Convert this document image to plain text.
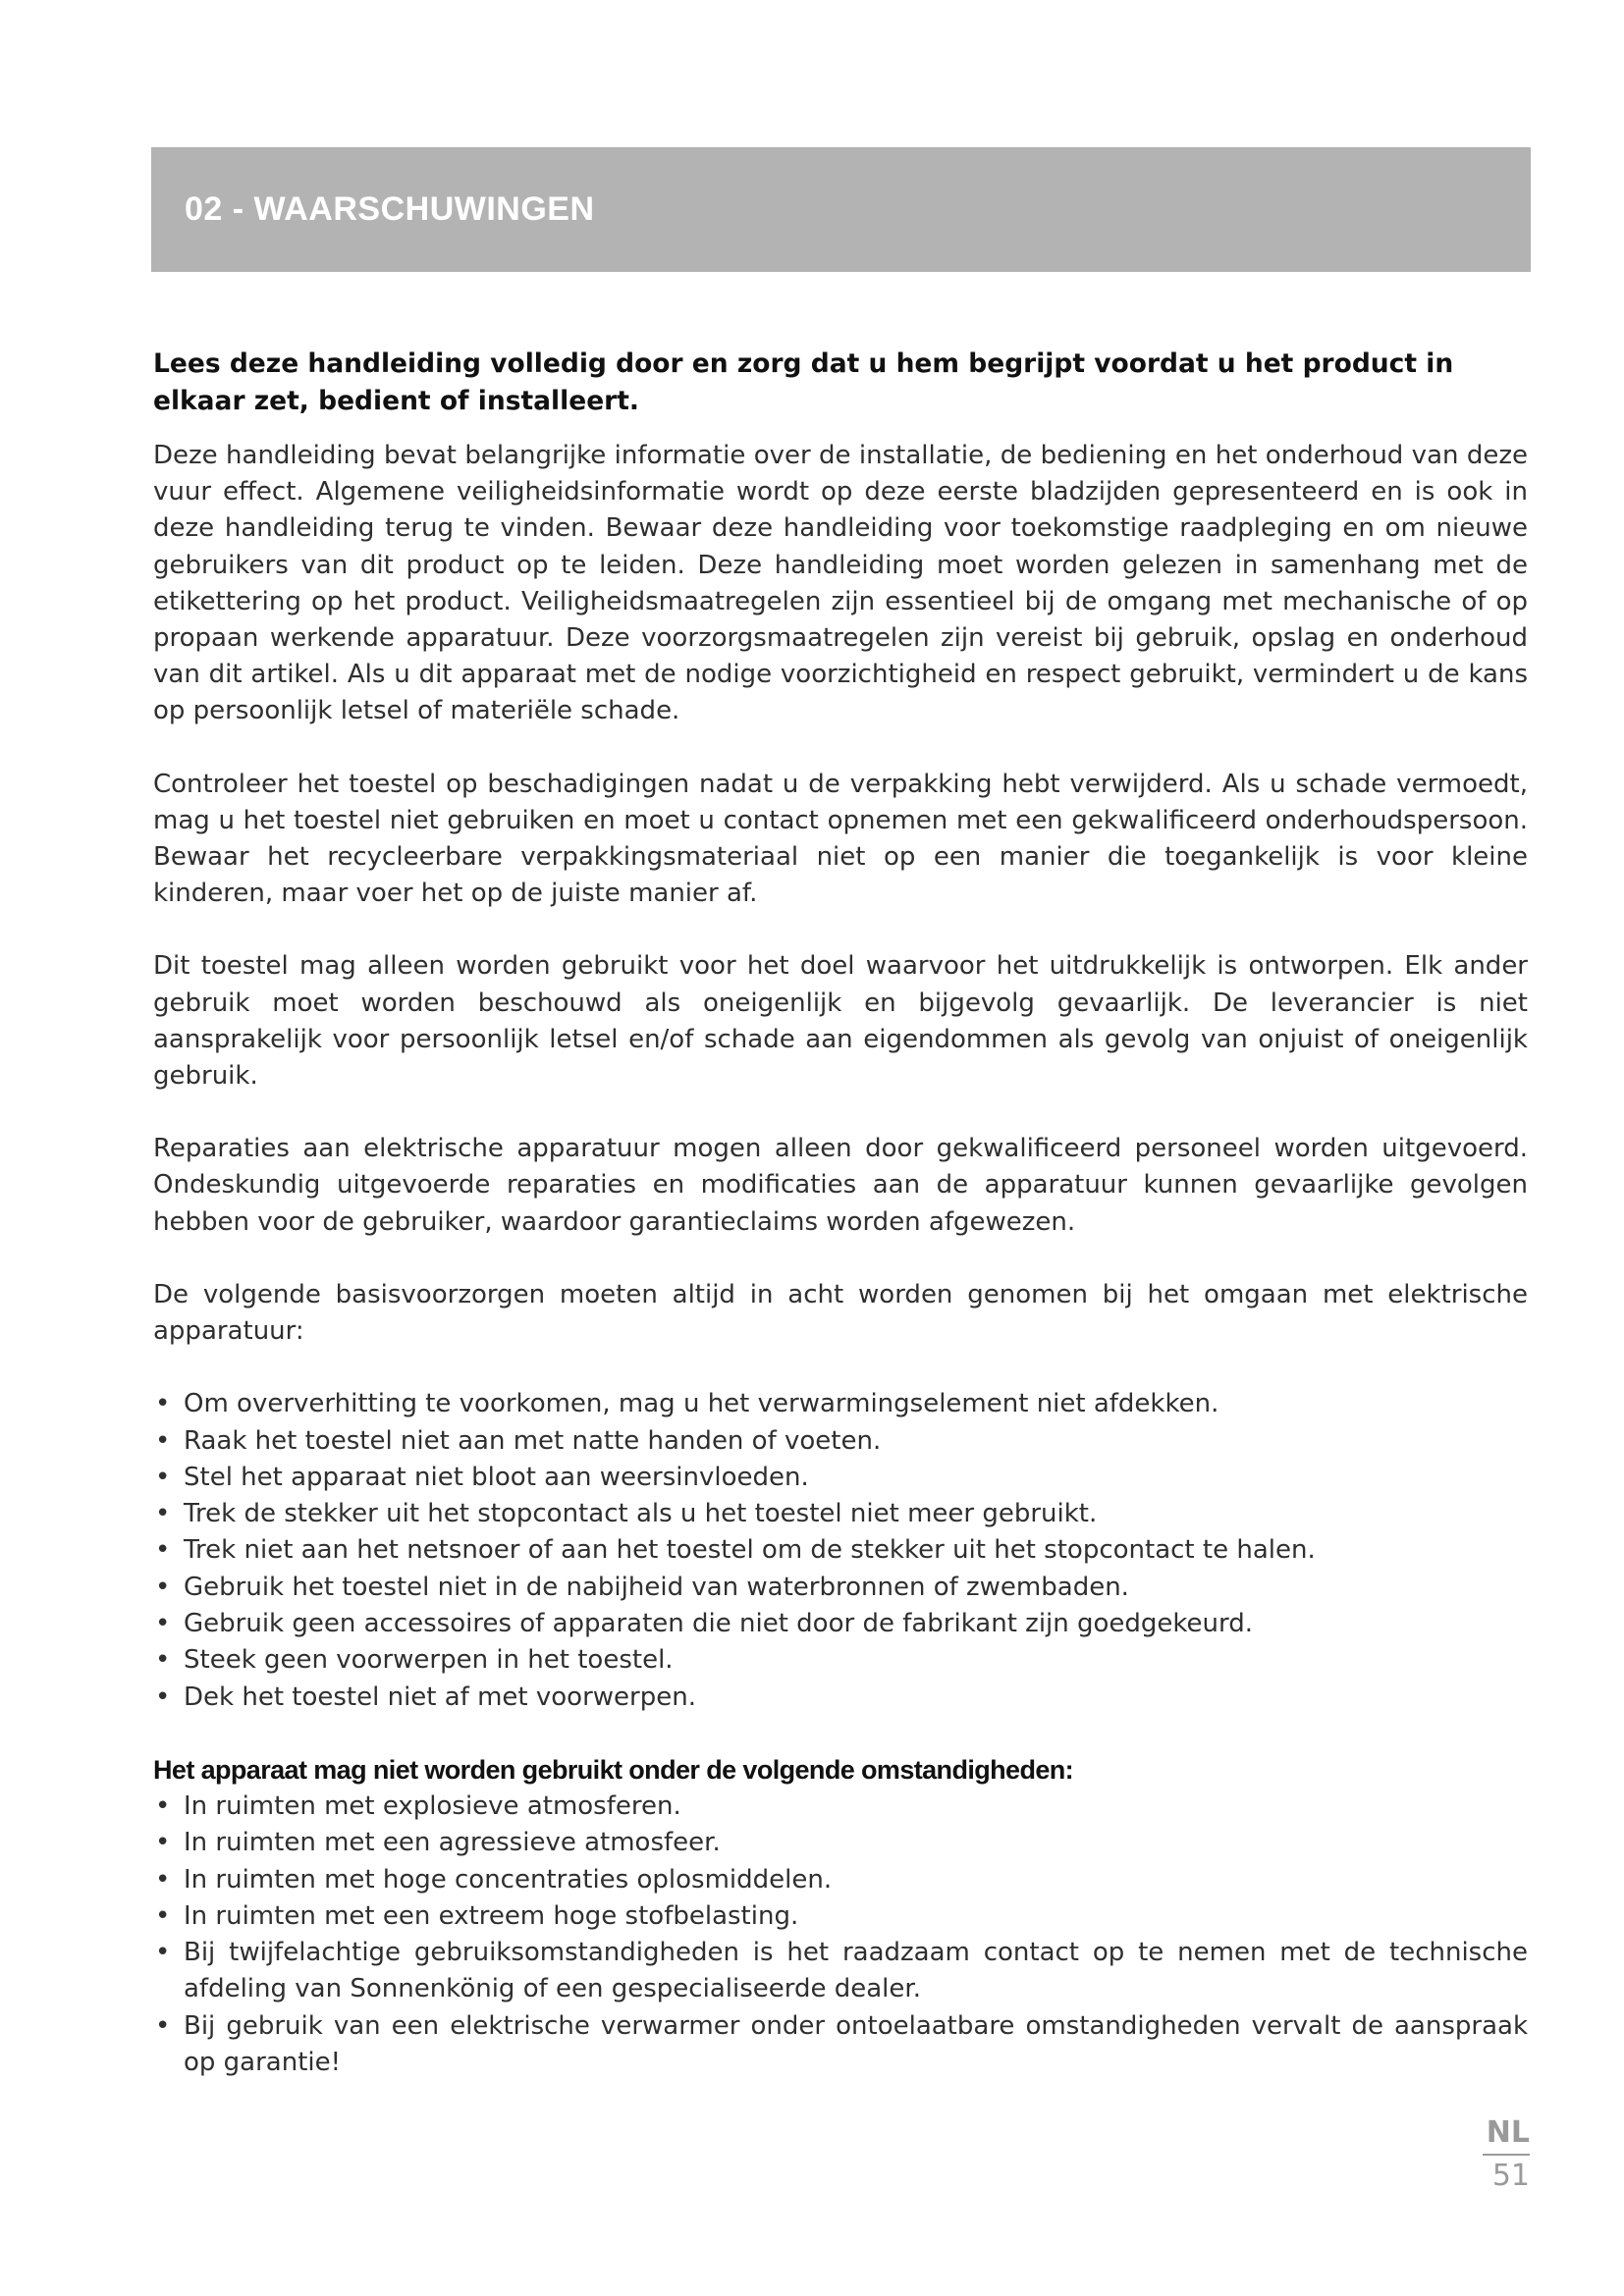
02 - WAARSCHUWINGEN

Lees deze handleiding volledig door en zorg dat u hem begrijpt voordat u het product in elkaar zet, bedient of installeert.

Deze handleiding bevat belangrijke informatie over de installatie, de bediening en het onderhoud van deze vuur effect. Algemene veiligheidsinformatie wordt op deze eerste bladzijden gepresenteerd en is ook in deze handleiding terug te vinden. Bewaar deze handleiding voor toekomstige raadpleging en om nieuwe gebruikers van dit product op te leiden. Deze handleiding moet worden gelezen in samenhang met de etikettering op het product. Veiligheidsmaatregelen zijn essentieel bij de omgang met mechanische of op propaan werkende apparatuur. Deze voorzorgsmaatregelen zijn vereist bij gebruik, opslag en onderhoud van dit artikel. Als u dit apparaat met de nodige voorzichtigheid en respect gebruikt, vermindert u de kans op persoonlijk letsel of materiële schade.

Controleer het toestel op beschadigingen nadat u de verpakking hebt verwijderd. Als u schade vermoedt, mag u het toestel niet gebruiken en moet u contact opnemen met een gekwalificeerd onderhoudspersoon. Bewaar het recycleerbare verpakkingsmateriaal niet op een manier die toegankelijk is voor kleine kinderen, maar voer het op de juiste manier af.

Dit toestel mag alleen worden gebruikt voor het doel waarvoor het uitdrukkelijk is ontworpen. Elk ander gebruik moet worden beschouwd als oneigenlijk en bijgevolg gevaarlijk. De leverancier is niet aansprakelijk voor persoonlijk letsel en/of schade aan eigendommen als gevolg van onjuist of oneigenlijk gebruik.

Reparaties aan elektrische apparatuur mogen alleen door gekwalificeerd personeel worden uitgevoerd. Ondeskundig uitgevoerde reparaties en modificaties aan de apparatuur kunnen gevaarlijke gevolgen hebben voor de gebruiker, waardoor garantieclaims worden afgewezen.

De volgende basisvoorzorgen moeten altijd in acht worden genomen bij het omgaan met elektrische apparatuur:

• Om oververhitting te voorkomen, mag u het verwarmingselement niet afdekken.
• Raak het toestel niet aan met natte handen of voeten.
• Stel het apparaat niet bloot aan weersinvloeden.
• Trek de stekker uit het stopcontact als u het toestel niet meer gebruikt.
• Trek niet aan het netsnoer of aan het toestel om de stekker uit het stopcontact te halen.
• Gebruik het toestel niet in de nabijheid van waterbronnen of zwembaden.
• Gebruik geen accessoires of apparaten die niet door de fabrikant zijn goedgekeurd.
• Steek geen voorwerpen in het toestel.
• Dek het toestel niet af met voorwerpen.

Het apparaat mag niet worden gebruikt onder de volgende omstandigheden:

• In ruimten met explosieve atmosferen.
• In ruimten met een agressieve atmosfeer.
• In ruimten met hoge concentraties oplosmiddelen.
• In ruimten met een extreem hoge stofbelasting.
• Bij twijfelachtige gebruiksomstandigheden is het raadzaam contact op te nemen met de technische afdeling van Sonnenkönig of een gespecialiseerde dealer.
• Bij gebruik van een elektrische verwarmer onder ontoelaatbare omstandigheden vervalt de aanspraak op garantie!
NL
51
